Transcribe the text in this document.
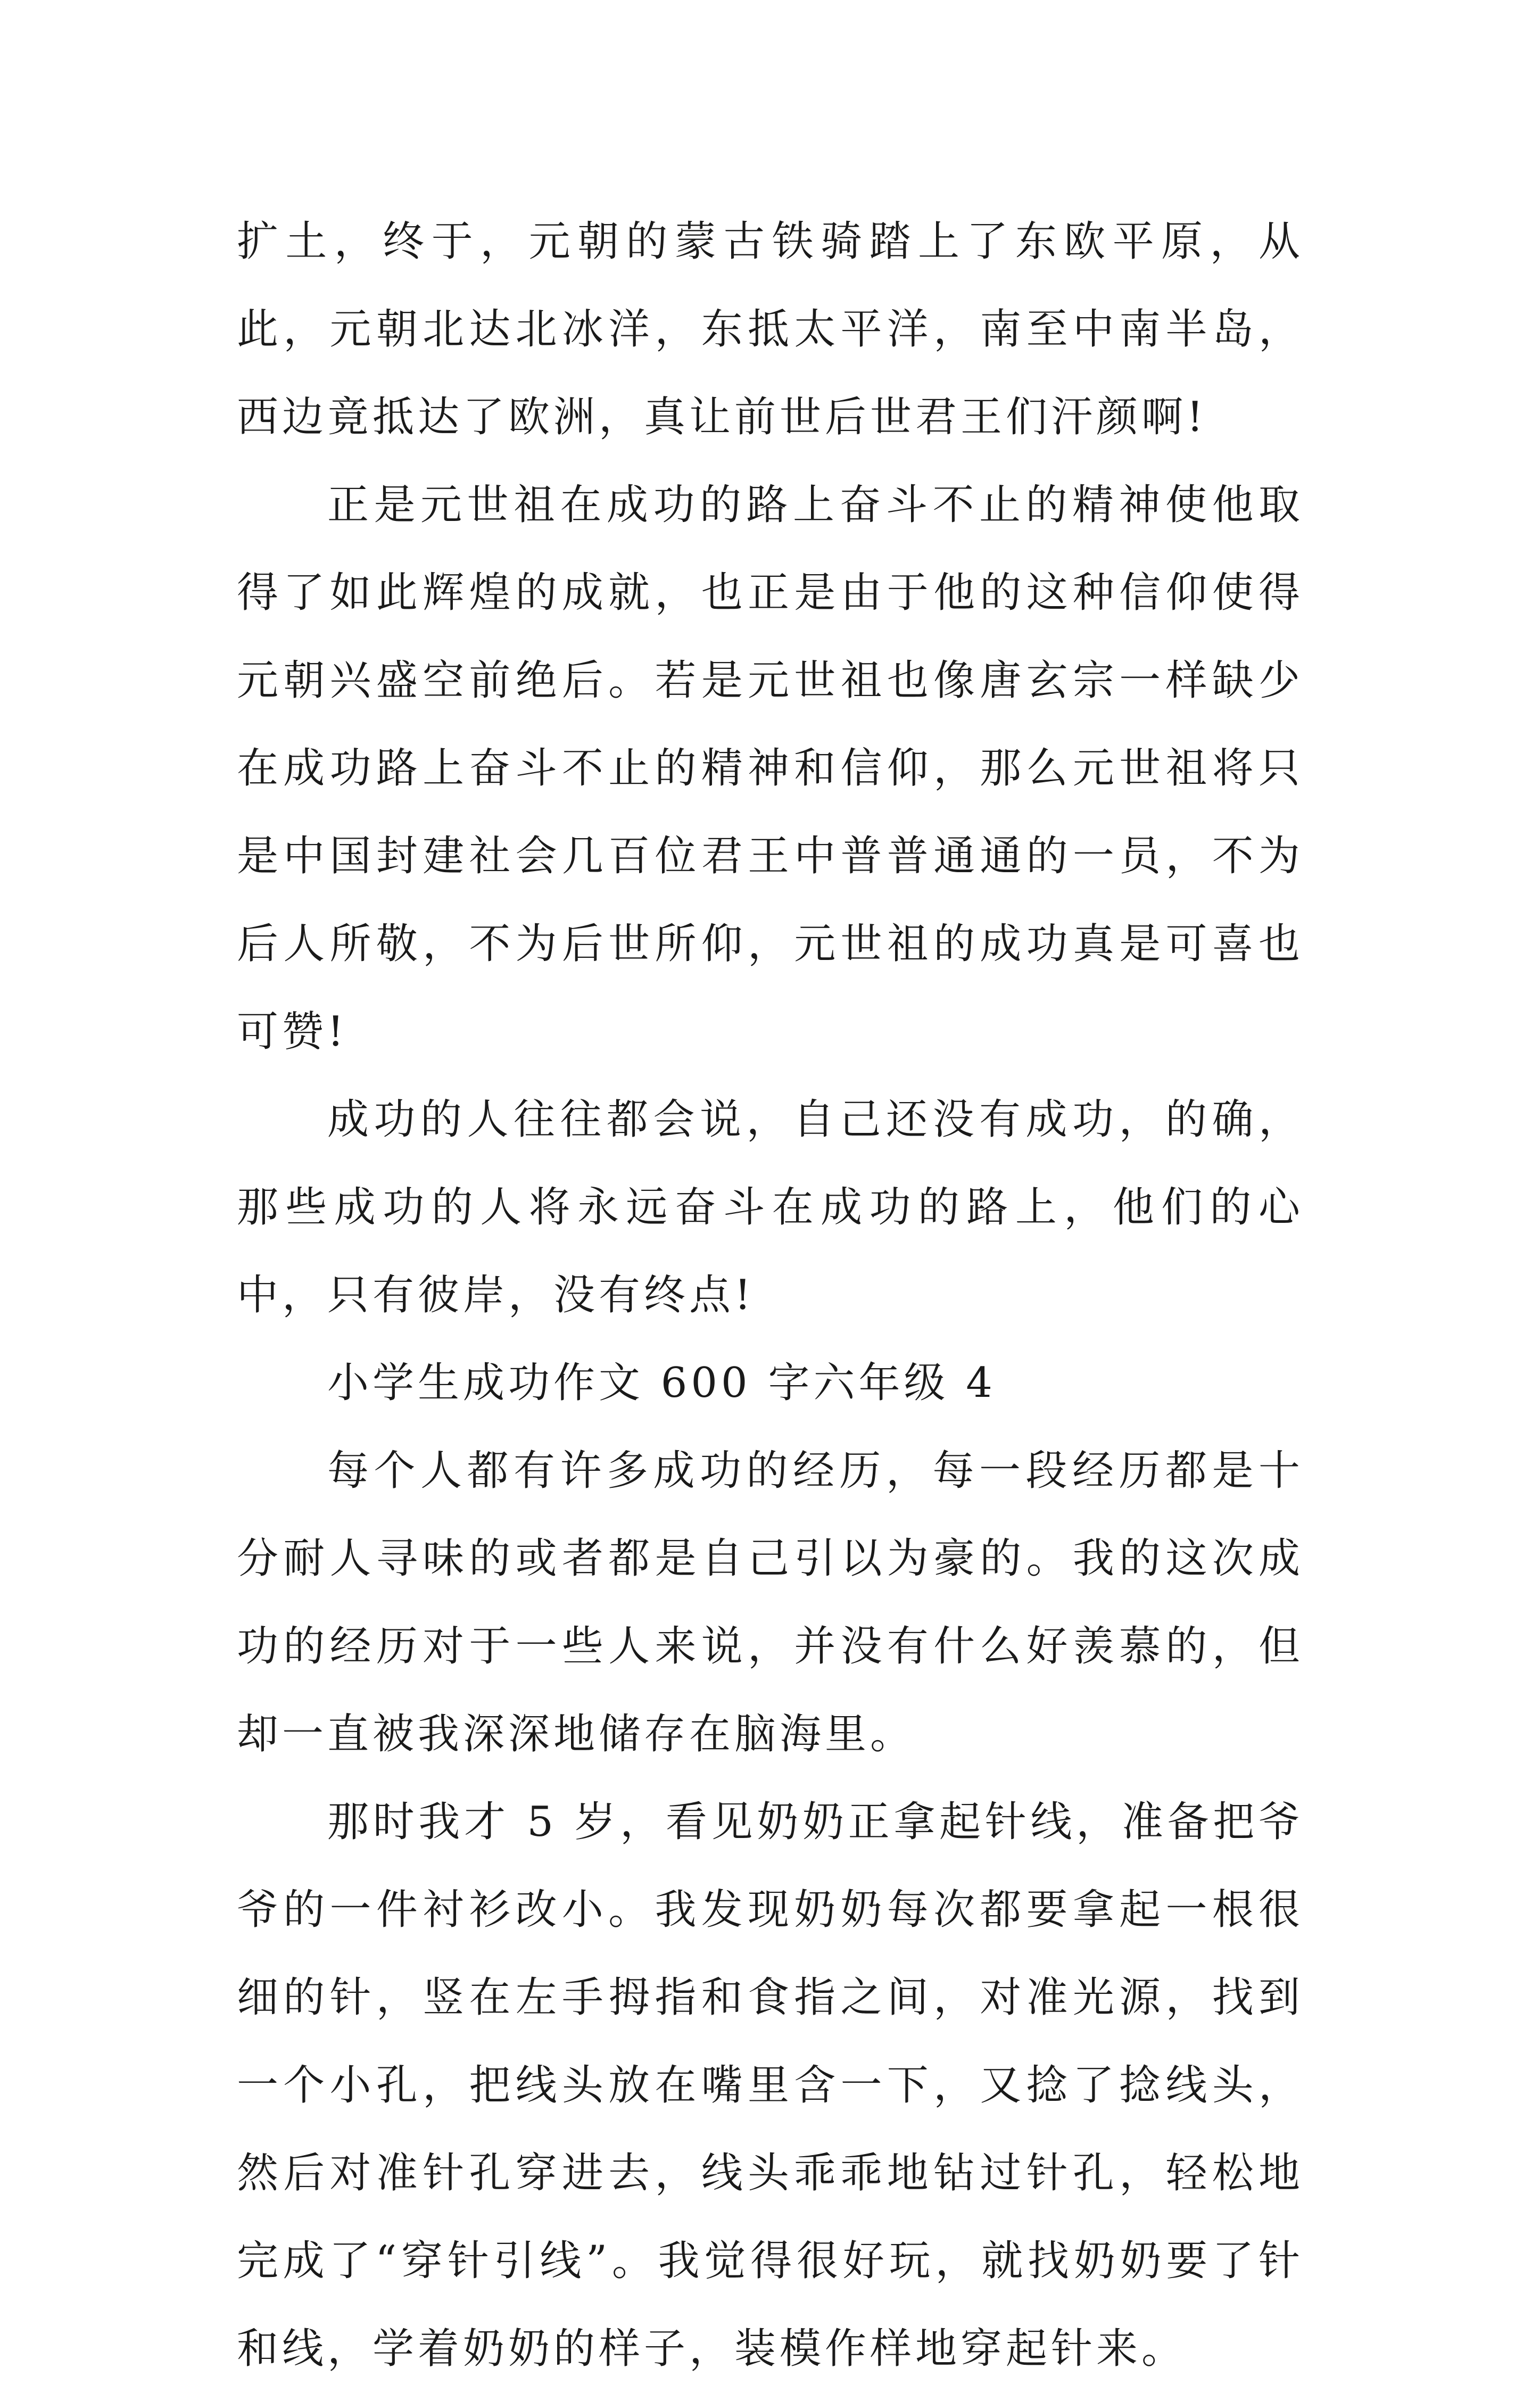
扩土，终于，元朝的蒙古铁骑踏上了东欧平原，从此，元朝北达北冰洋，东抵太平洋，南至中南半岛，西边竟抵达了欧洲，真让前世后世君王们汗颜啊!

正是元世祖在成功的路上奋斗不止的精神使他取得了如此辉煌的成就，也正是由于他的这种信仰使得元朝兴盛空前绝后。若是元世祖也像唐玄宗一样缺少在成功路上奋斗不止的精神和信仰，那么元世祖将只是中国封建社会几百位君王中普普通通的一员，不为后人所敬，不为后世所仰，元世祖的成功真是可喜也可赞!

成功的人往往都会说，自己还没有成功，的确，那些成功的人将永远奋斗在成功的路上，他们的心中，只有彼岸，没有终点!

小学生成功作文 600 字六年级 4

每个人都有许多成功的经历，每一段经历都是十分耐人寻味的或者都是自己引以为豪的。我的这次成功的经历对于一些人来说，并没有什么好羡慕的，但却一直被我深深地储存在脑海里。

那时我才 5 岁，看见奶奶正拿起针线，准备把爷爷的一件衬衫改小。我发现奶奶每次都要拿起一根很细的针，竖在左手拇指和食指之间，对准光源，找到一个小孔，把线头放在嘴里含一下，又捻了捻线头，然后对准针孔穿进去，线头乖乖地钻过针孔，轻松地完成了“穿针引线”。我觉得很好玩，就找奶奶要了针和线，学着奶奶的样子，装模作样地穿起针来。
